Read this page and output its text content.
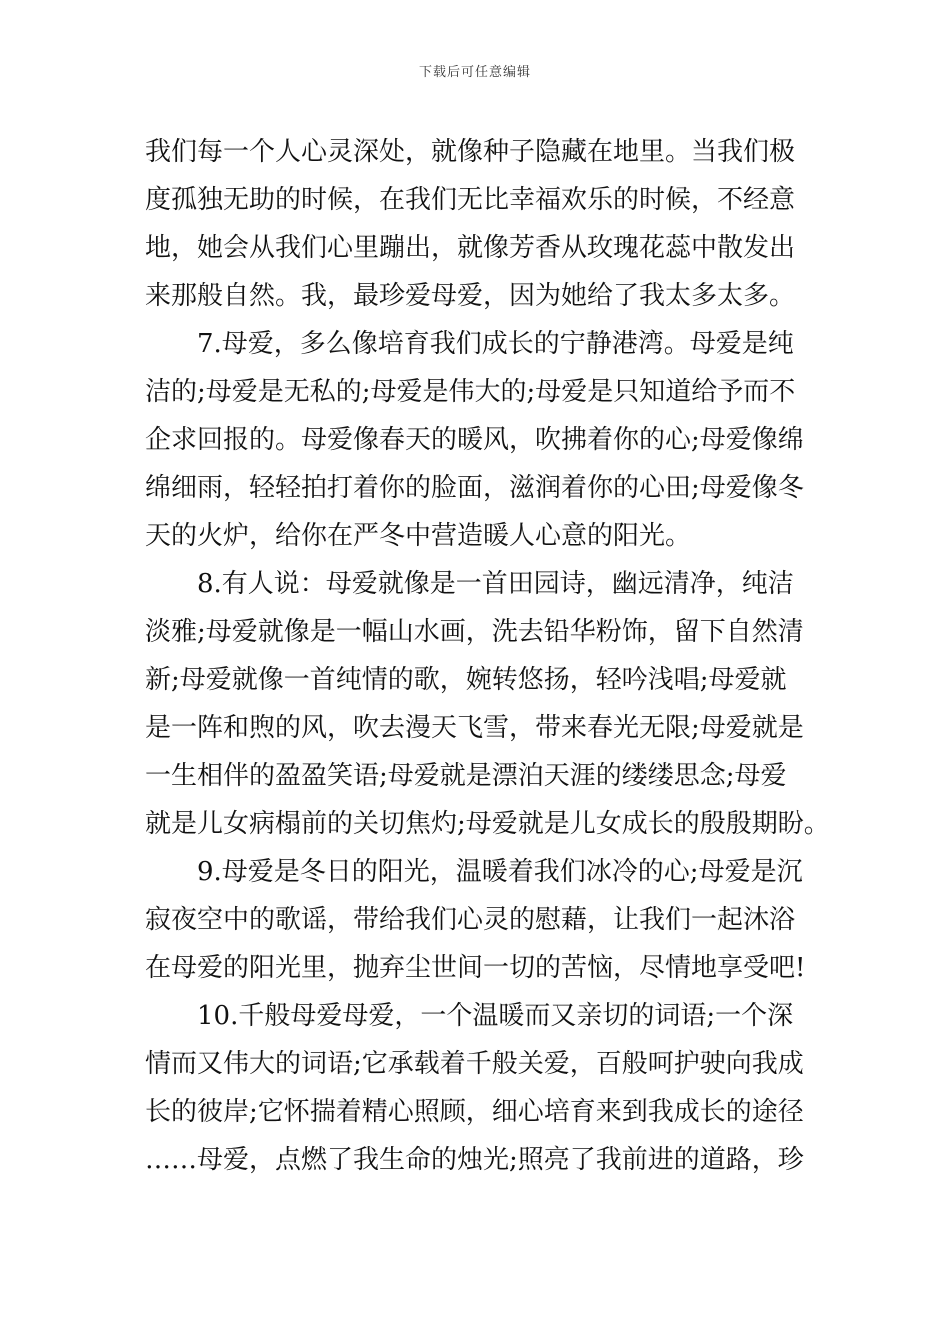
下载后可任意编辑
我们每一个人心灵深处，就像种子隐藏在地里。当我们极
度孤独无助的时候，在我们无比幸福欢乐的时候，不经意
地，她会从我们心里蹦出，就像芳香从玫瑰花蕊中散发出
来那般自然。我，最珍爱母爱，因为她给了我太多太多。
7.母爱，多么像培育我们成长的宁静港湾。母爱是纯
洁的;母爱是无私的;母爱是伟大的;母爱是只知道给予而不
企求回报的。母爱像春天的暖风，吹拂着你的心;母爱像绵
绵细雨，轻轻拍打着你的脸面，滋润着你的心田;母爱像冬
天的火炉，给你在严冬中营造暖人心意的阳光。
8.有人说：母爱就像是一首田园诗，幽远清净，纯洁
淡雅;母爱就像是一幅山水画，洗去铅华粉饰，留下自然清
新;母爱就像一首纯情的歌，婉转悠扬，轻吟浅唱;母爱就
是一阵和煦的风，吹去漫天飞雪，带来春光无限;母爱就是
一生相伴的盈盈笑语;母爱就是漂泊天涯的缕缕思念;母爱
就是儿女病榻前的关切焦灼;母爱就是儿女成长的殷殷期盼。
9.母爱是冬日的阳光，温暖着我们冰冷的心;母爱是沉
寂夜空中的歌谣，带给我们心灵的慰藉，让我们一起沐浴
在母爱的阳光里，抛弃尘世间一切的苦恼，尽情地享受吧!
10.千般母爱母爱，一个温暖而又亲切的词语;一个深
情而又伟大的词语;它承载着千般关爱，百般呵护驶向我成
长的彼岸;它怀揣着精心照顾，细心培育来到我成长的途径
……母爱，点燃了我生命的烛光;照亮了我前进的道路，珍
